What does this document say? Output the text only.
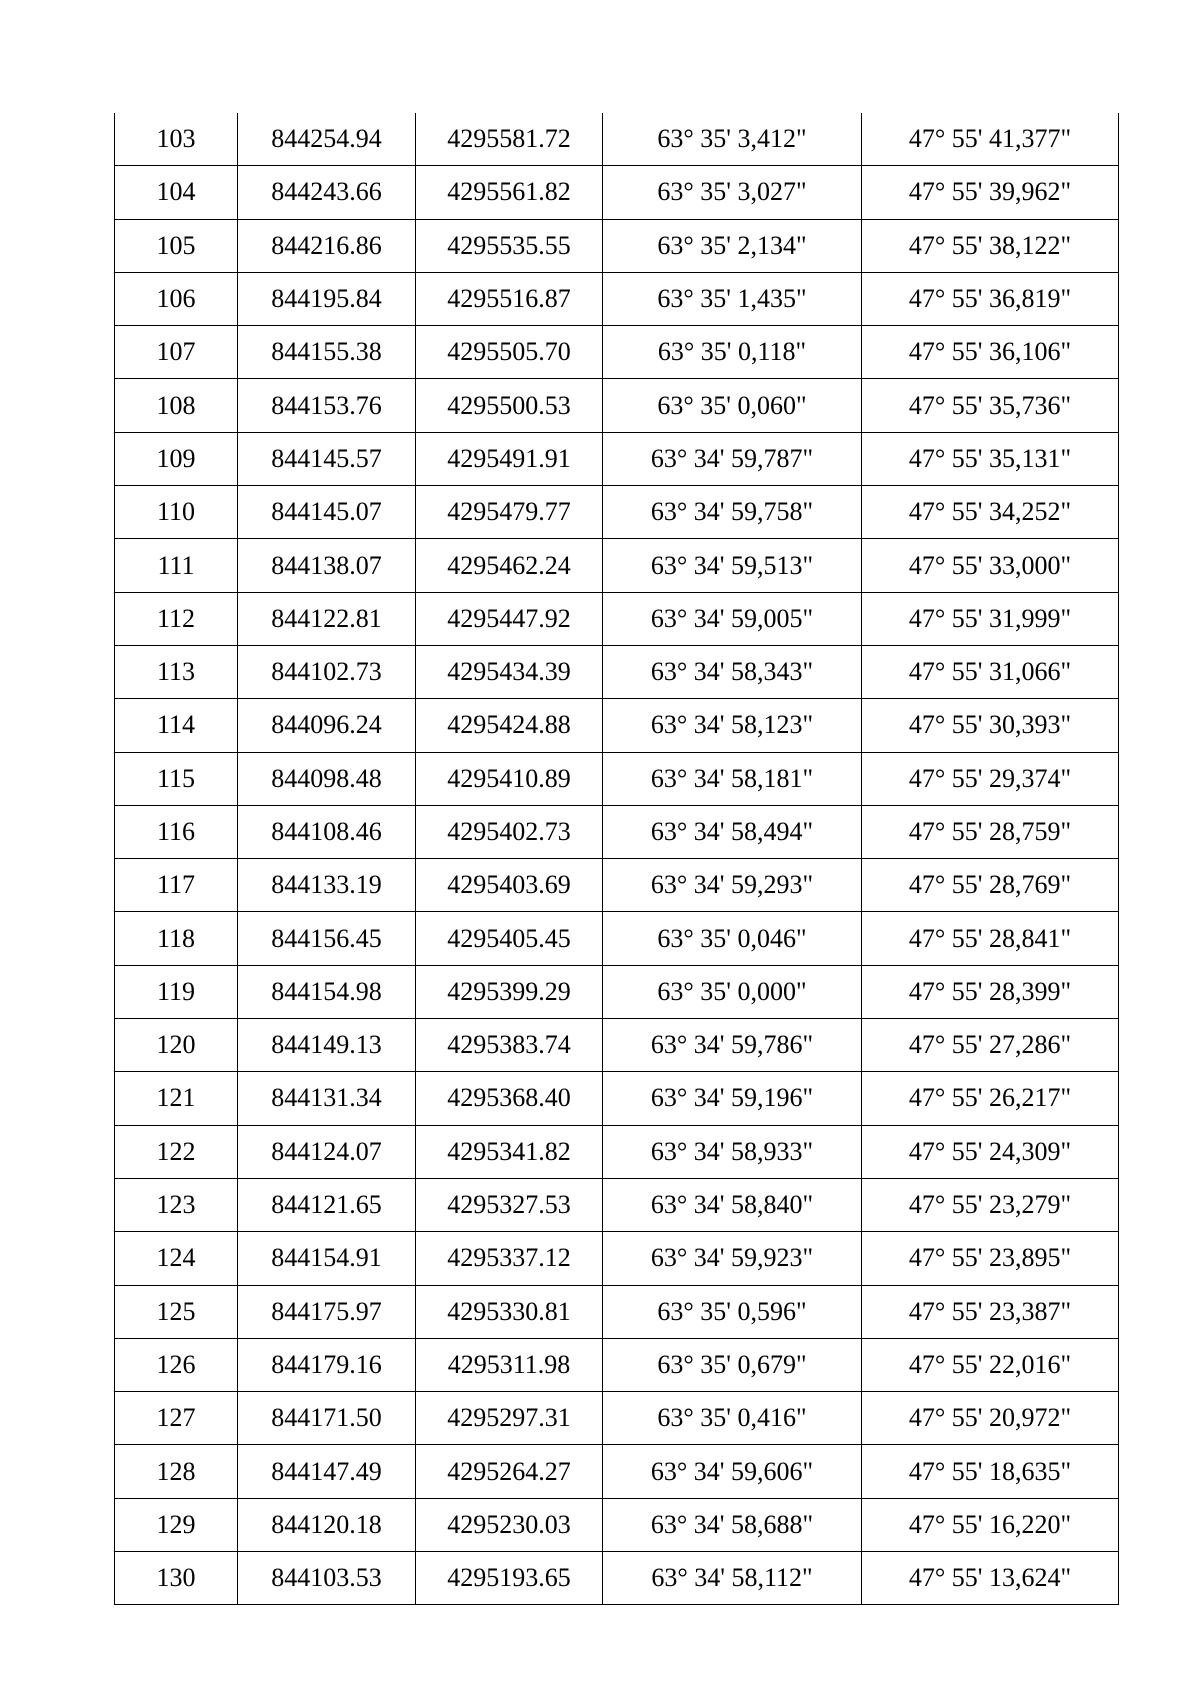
103	844254.94	4295581.72	63° 35' 3,412"	47° 55' 41,377"
104	844243.66	4295561.82	63° 35' 3,027"	47° 55' 39,962"
105	844216.86	4295535.55	63° 35' 2,134"	47° 55' 38,122"
106	844195.84	4295516.87	63° 35' 1,435"	47° 55' 36,819"
107	844155.38	4295505.70	63° 35' 0,118"	47° 55' 36,106"
108	844153.76	4295500.53	63° 35' 0,060"	47° 55' 35,736"
109	844145.57	4295491.91	63° 34' 59,787"	47° 55' 35,131"
110	844145.07	4295479.77	63° 34' 59,758"	47° 55' 34,252"
111	844138.07	4295462.24	63° 34' 59,513"	47° 55' 33,000"
112	844122.81	4295447.92	63° 34' 59,005"	47° 55' 31,999"
113	844102.73	4295434.39	63° 34' 58,343"	47° 55' 31,066"
114	844096.24	4295424.88	63° 34' 58,123"	47° 55' 30,393"
115	844098.48	4295410.89	63° 34' 58,181"	47° 55' 29,374"
116	844108.46	4295402.73	63° 34' 58,494"	47° 55' 28,759"
117	844133.19	4295403.69	63° 34' 59,293"	47° 55' 28,769"
118	844156.45	4295405.45	63° 35' 0,046"	47° 55' 28,841"
119	844154.98	4295399.29	63° 35' 0,000"	47° 55' 28,399"
120	844149.13	4295383.74	63° 34' 59,786"	47° 55' 27,286"
121	844131.34	4295368.40	63° 34' 59,196"	47° 55' 26,217"
122	844124.07	4295341.82	63° 34' 58,933"	47° 55' 24,309"
123	844121.65	4295327.53	63° 34' 58,840"	47° 55' 23,279"
124	844154.91	4295337.12	63° 34' 59,923"	47° 55' 23,895"
125	844175.97	4295330.81	63° 35' 0,596"	47° 55' 23,387"
126	844179.16	4295311.98	63° 35' 0,679"	47° 55' 22,016"
127	844171.50	4295297.31	63° 35' 0,416"	47° 55' 20,972"
128	844147.49	4295264.27	63° 34' 59,606"	47° 55' 18,635"
129	844120.18	4295230.03	63° 34' 58,688"	47° 55' 16,220"
130	844103.53	4295193.65	63° 34' 58,112"	47° 55' 13,624"
